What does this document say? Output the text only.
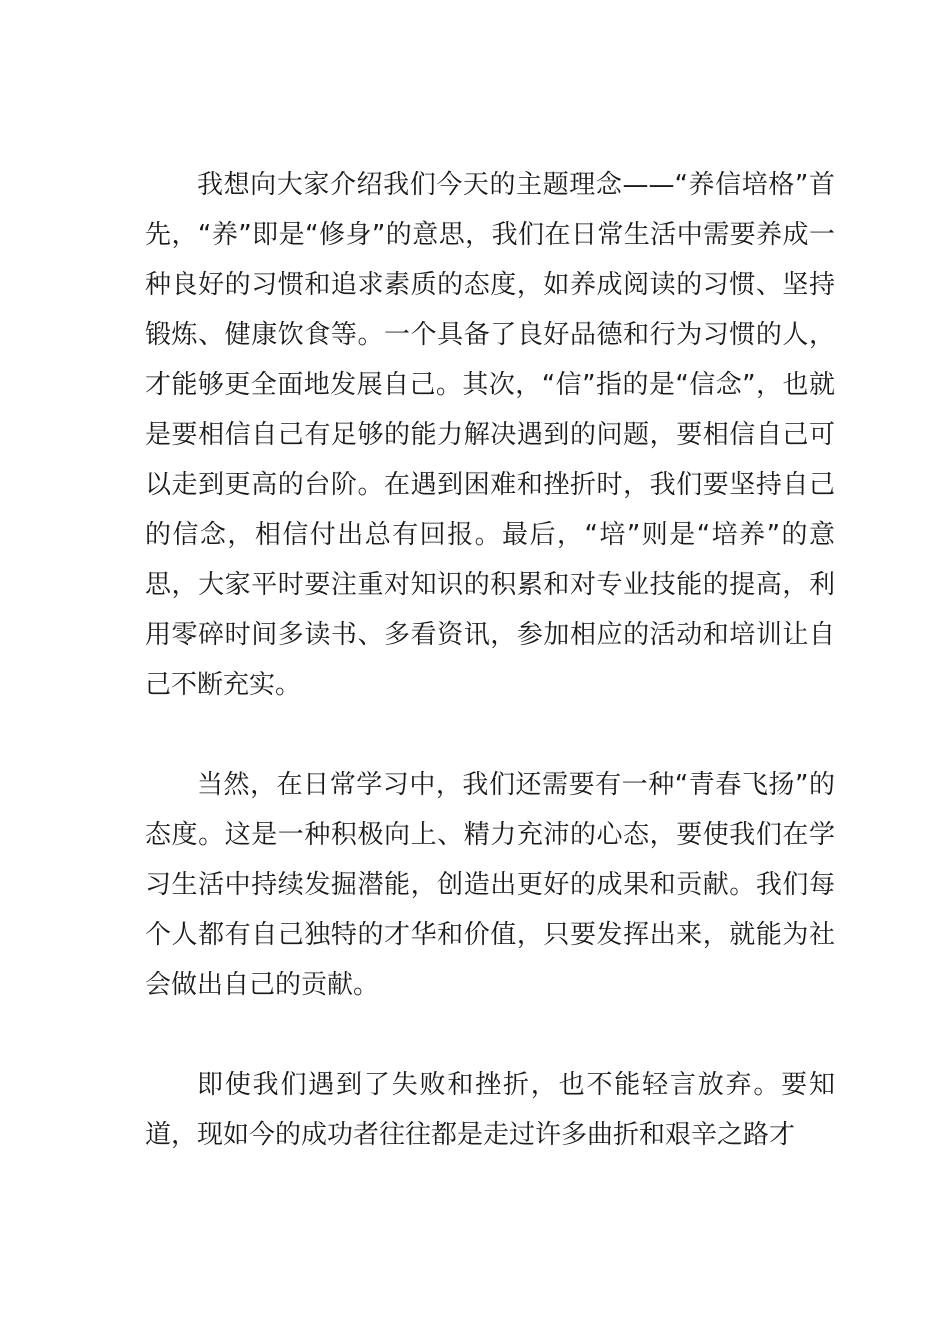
我想向大家介绍我们今天的主题理念——“养信培格”首先，“养”即是“修身”的意思，我们在日常生活中需要养成一种良好的习惯和追求素质的态度，如养成阅读的习惯、坚持锻炼、健康饮食等。一个具备了良好品德和行为习惯的人，才能够更全面地发展自己。其次，“信”指的是“信念”，也就是要相信自己有足够的能力解决遇到的问题，要相信自己可以走到更高的台阶。在遇到困难和挫折时，我们要坚持自己的信念，相信付出总有回报。最后，“培”则是“培养”的意思，大家平时要注重对知识的积累和对专业技能的提高，利用零碎时间多读书、多看资讯，参加相应的活动和培训让自己不断充实。

当然，在日常学习中，我们还需要有一种“青春飞扬”的态度。这是一种积极向上、精力充沛的心态，要使我们在学习生活中持续发掘潜能，创造出更好的成果和贡献。我们每个人都有自己独特的才华和价值，只要发挥出来，就能为社会做出自己的贡献。

即使我们遇到了失败和挫折，也不能轻言放弃。要知道，现如今的成功者往往都是走过许多曲折和艰辛之路才
